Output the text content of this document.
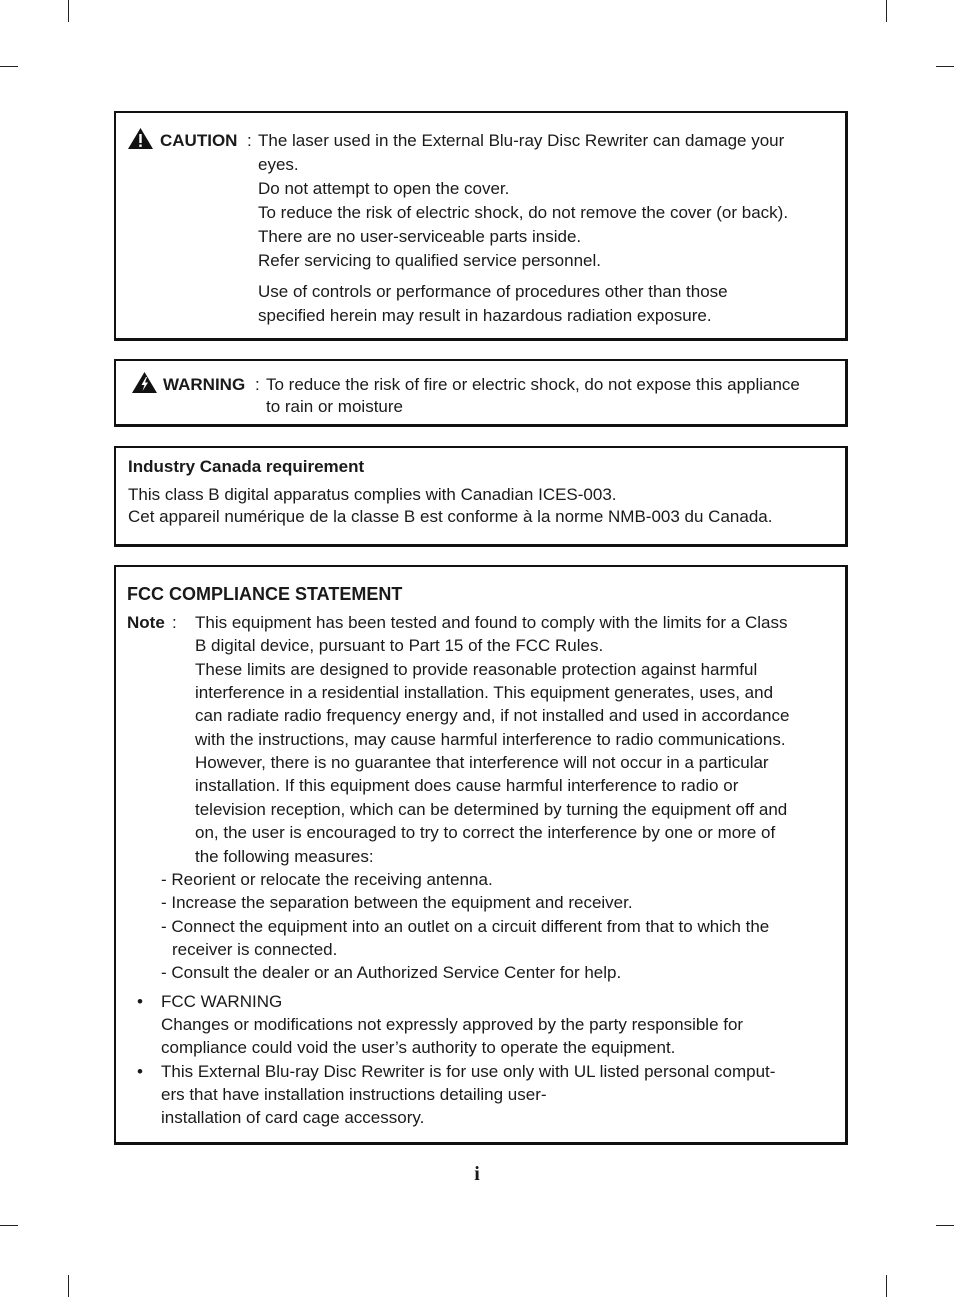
CAUTION : The laser used in the External Blu-ray Disc Rewriter can damage your
eyes.
Do not attempt to open the cover.
To reduce the risk of electric shock, do not remove the cover (or back).
There are no user-serviceable parts inside.
Refer servicing to qualified service personnel.
Use of controls or performance of procedures other than those
specified herein may result in hazardous radiation exposure.
WARNING : To reduce the risk of fire or electric shock, do not expose this appliance
to rain or moisture
Industry Canada requirement
This class B digital apparatus complies with Canadian ICES-003.
Cet appareil numérique de la classe B est conforme à la norme NMB-003 du Canada.
FCC COMPLIANCE STATEMENT
Note : This equipment has been tested and found to comply with the limits for a Class
B digital device, pursuant to Part 15 of the FCC Rules.
These limits are designed to provide reasonable protection against harmful
interference in a residential installation. This equipment generates, uses, and
can radiate radio frequency energy and, if not installed and used in accordance
with the instructions, may cause harmful interference to radio communications.
However, there is no guarantee that interference will not occur in a particular
installation. If this equipment does cause harmful interference to radio or
television reception, which can be determined by turning the equipment off and
on, the user is encouraged to try to correct the interference by one or more of
the following measures:
- Reorient or relocate the receiving antenna.
- Increase the separation between the equipment and receiver.
- Connect the equipment into an outlet on a circuit different from that to which the
receiver is connected.
- Consult the dealer or an Authorized Service Center for help.
• FCC WARNING
Changes or modifications not expressly approved by the party responsible for
compliance could void the user’s authority to operate the equipment.
• This External Blu-ray Disc Rewriter is for use only with UL listed personal comput-
ers that have installation instructions detailing user-
installation of card cage accessory.
i
